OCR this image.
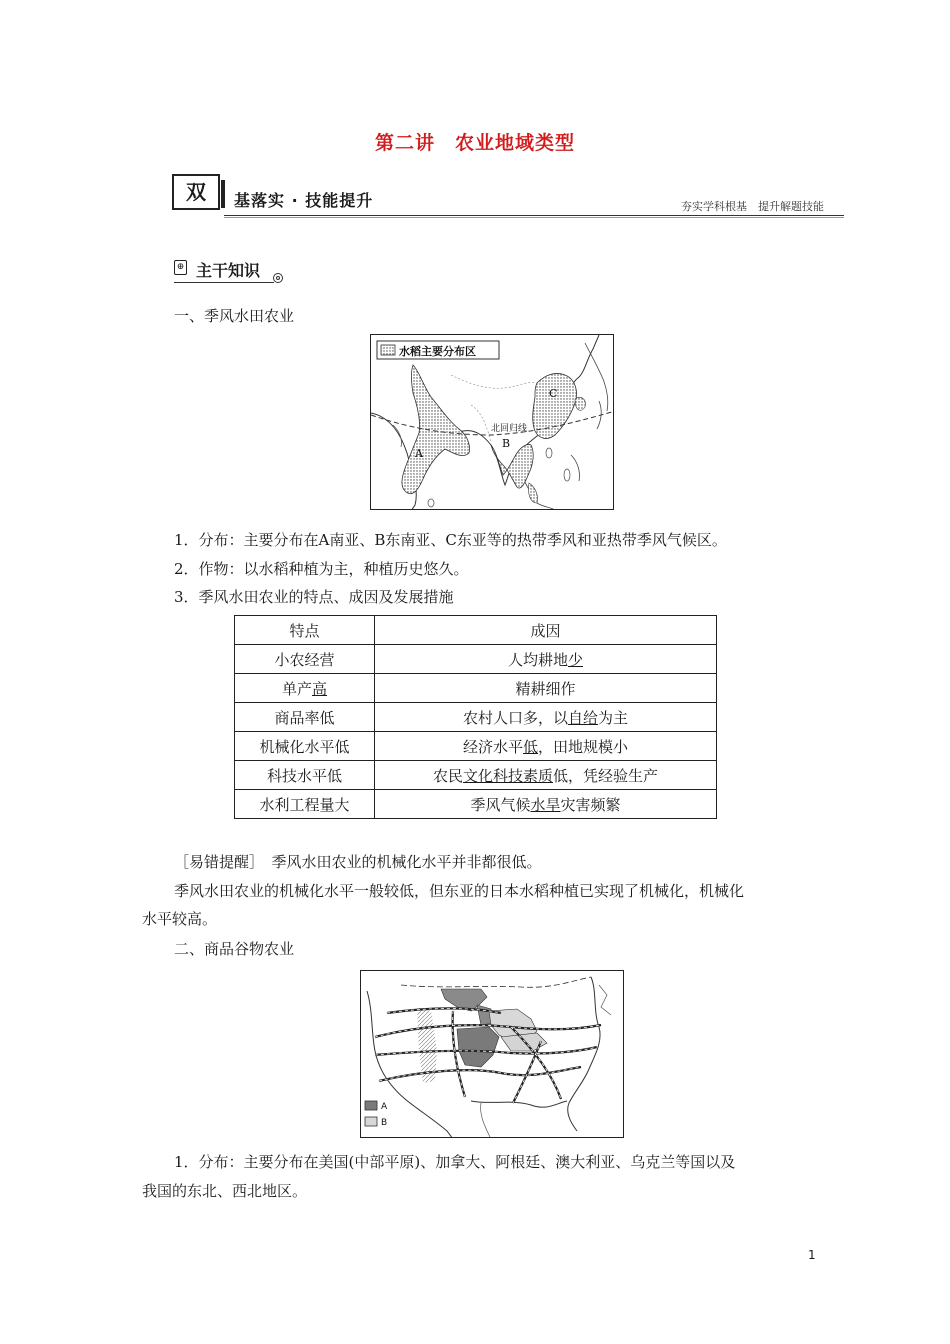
第二讲　农业地域类型
双	基落实 · 技能提升	夯实学科根基　提升解题技能
⊕ 主干知识
一、季风水田农业
水稻主要分布区
北回归线
A
B
C
1．分布：主要分布在A南亚、B东南亚、C东亚等的热带季风和亚热带季风气候区。
2．作物：以水稻种植为主，种植历史悠久。
3．季风水田农业的特点、成因及发展措施
特点	成因
小农经营	人均耕地少
单产高	精耕细作
商品率低	农村人口多，以自给为主
机械化水平低	经济水平低，田地规模小
科技水平低	农民文化科技素质低，凭经验生产
水利工程量大	季风气候水旱灾害频繁
［易错提醒］　 季风水田农业的机械化水平并非都很低。
季风水田农业的机械化水平一般较低，但东亚的日本水稻种植已实现了机械化，机械化
水平较高。
二、商品谷物农业
A
B
1．分布：主要分布在美国(中部平原)、加拿大、阿根廷、澳大利亚、乌克兰等国以及
我国的东北、西北地区。
1
